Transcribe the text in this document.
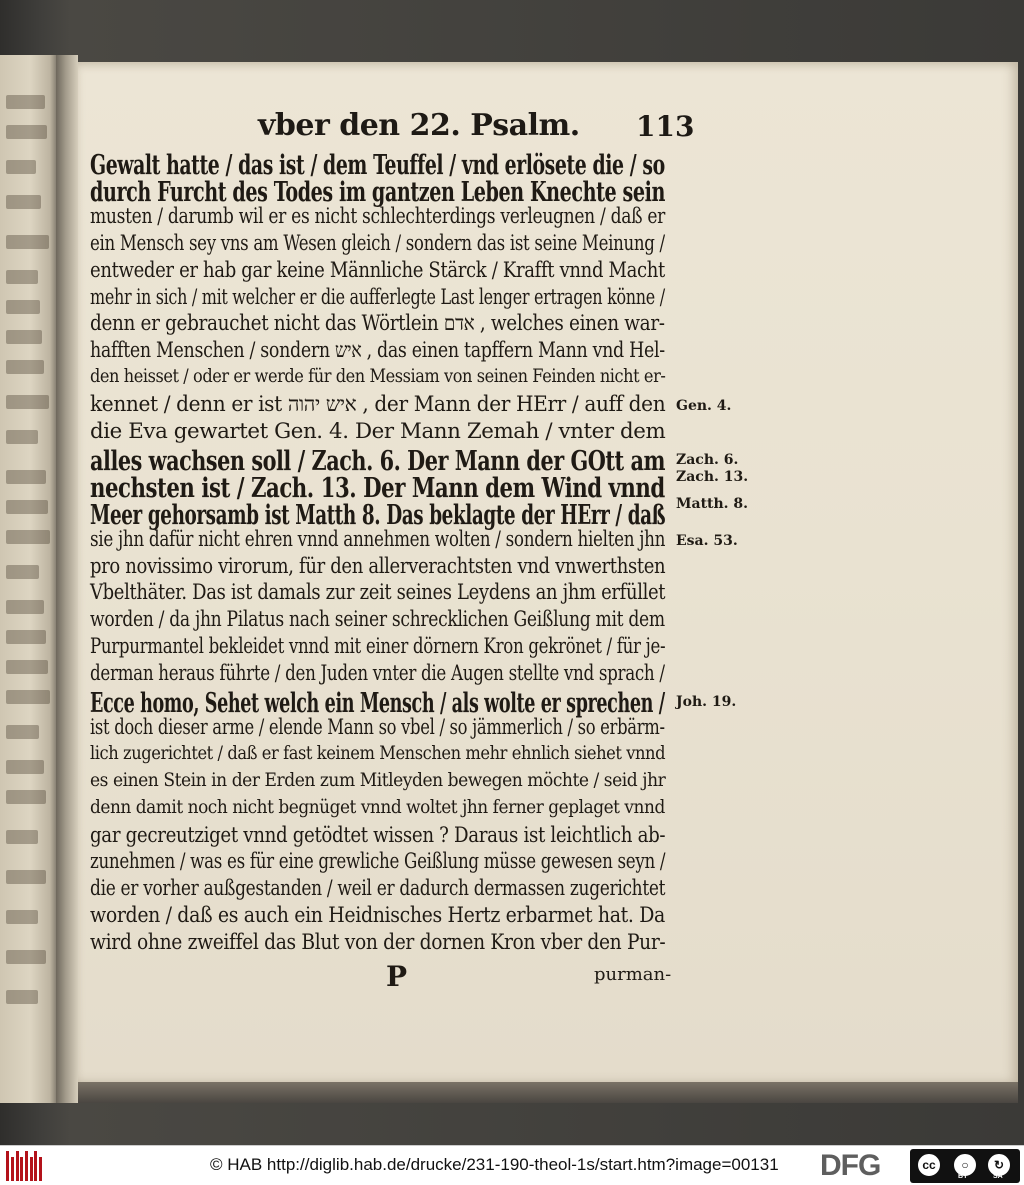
vber den 22. Psalm. 113
Gewalt hatte / das ist / dem Teuffel / vnd erlösete die / so
durch Furcht des Todes im gantzen Leben Knechte sein
musten / darumb wil er es nicht schlechterdings verleugnen / daß er
ein Mensch sey vns am Wesen gleich / sondern das ist seine Meinung /
entweder er hab gar keine Männliche Stärck / Krafft vnnd Macht
mehr in sich / mit welcher er die aufferlegte Last lenger ertragen könne /
denn er gebrauchet nicht das Wörtlein אדם , welches einen war-
hafften Menschen / sondern איש , das einen tapffern Mann vnd Hel-
den heisset / oder er werde für den Messiam von seinen Feinden nicht er-
kennet / denn er ist איש יהוה , der Mann der HErr / auff den
die Eva gewartet Gen. 4. Der Mann Zemah / vnter dem
alles wachsen soll / Zach. 6. Der Mann der GOtt am
nechsten ist / Zach. 13. Der Mann dem Wind vnnd
Meer gehorsamb ist Matth 8. Das beklagte der HErr / daß
sie jhn dafür nicht ehren vnnd annehmen wolten / sondern hielten jhn
pro novissimo virorum, für den allerverachtsten vnd vnwerthsten
Vbelthäter. Das ist damals zur zeit seines Leydens an jhm erfüllet
worden / da jhn Pilatus nach seiner schrecklichen Geißlung mit dem
Purpurmantel bekleidet vnnd mit einer dörnern Kron gekrönet / für je-
derman heraus führte / den Juden vnter die Augen stellte vnd sprach /
Ecce homo, Sehet welch ein Mensch / als wolte er sprechen /
ist doch dieser arme / elende Mann so vbel / so jämmerlich / so erbärm-
lich zugerichtet / daß er fast keinem Menschen mehr ehnlich siehet vnnd
es einen Stein in der Erden zum Mitleyden bewegen möchte / seid jhr
denn damit noch nicht begnüget vnnd woltet jhn ferner geplaget vnnd
gar gecreutziget vnnd getödtet wissen ? Daraus ist leichtlich ab-
zunehmen / was es für eine grewliche Geißlung müsse gewesen seyn /
die er vorher außgestanden / weil er dadurch dermassen zugerichtet
worden / daß es auch ein Heidnisches Hertz erbarmet hat. Da
wird ohne zweiffel das Blut von der dornen Kron vber den Pur-
Gen. 4.
Zach. 6.
Zach. 13.
Matth. 8.
Esa. 53.
Joh. 19.
P	purman-
© HAB http://diglib.hab.de/drucke/231-190-theol-1s/start.htm?image=00131 DFG	cc	○	↻
BY	SA
